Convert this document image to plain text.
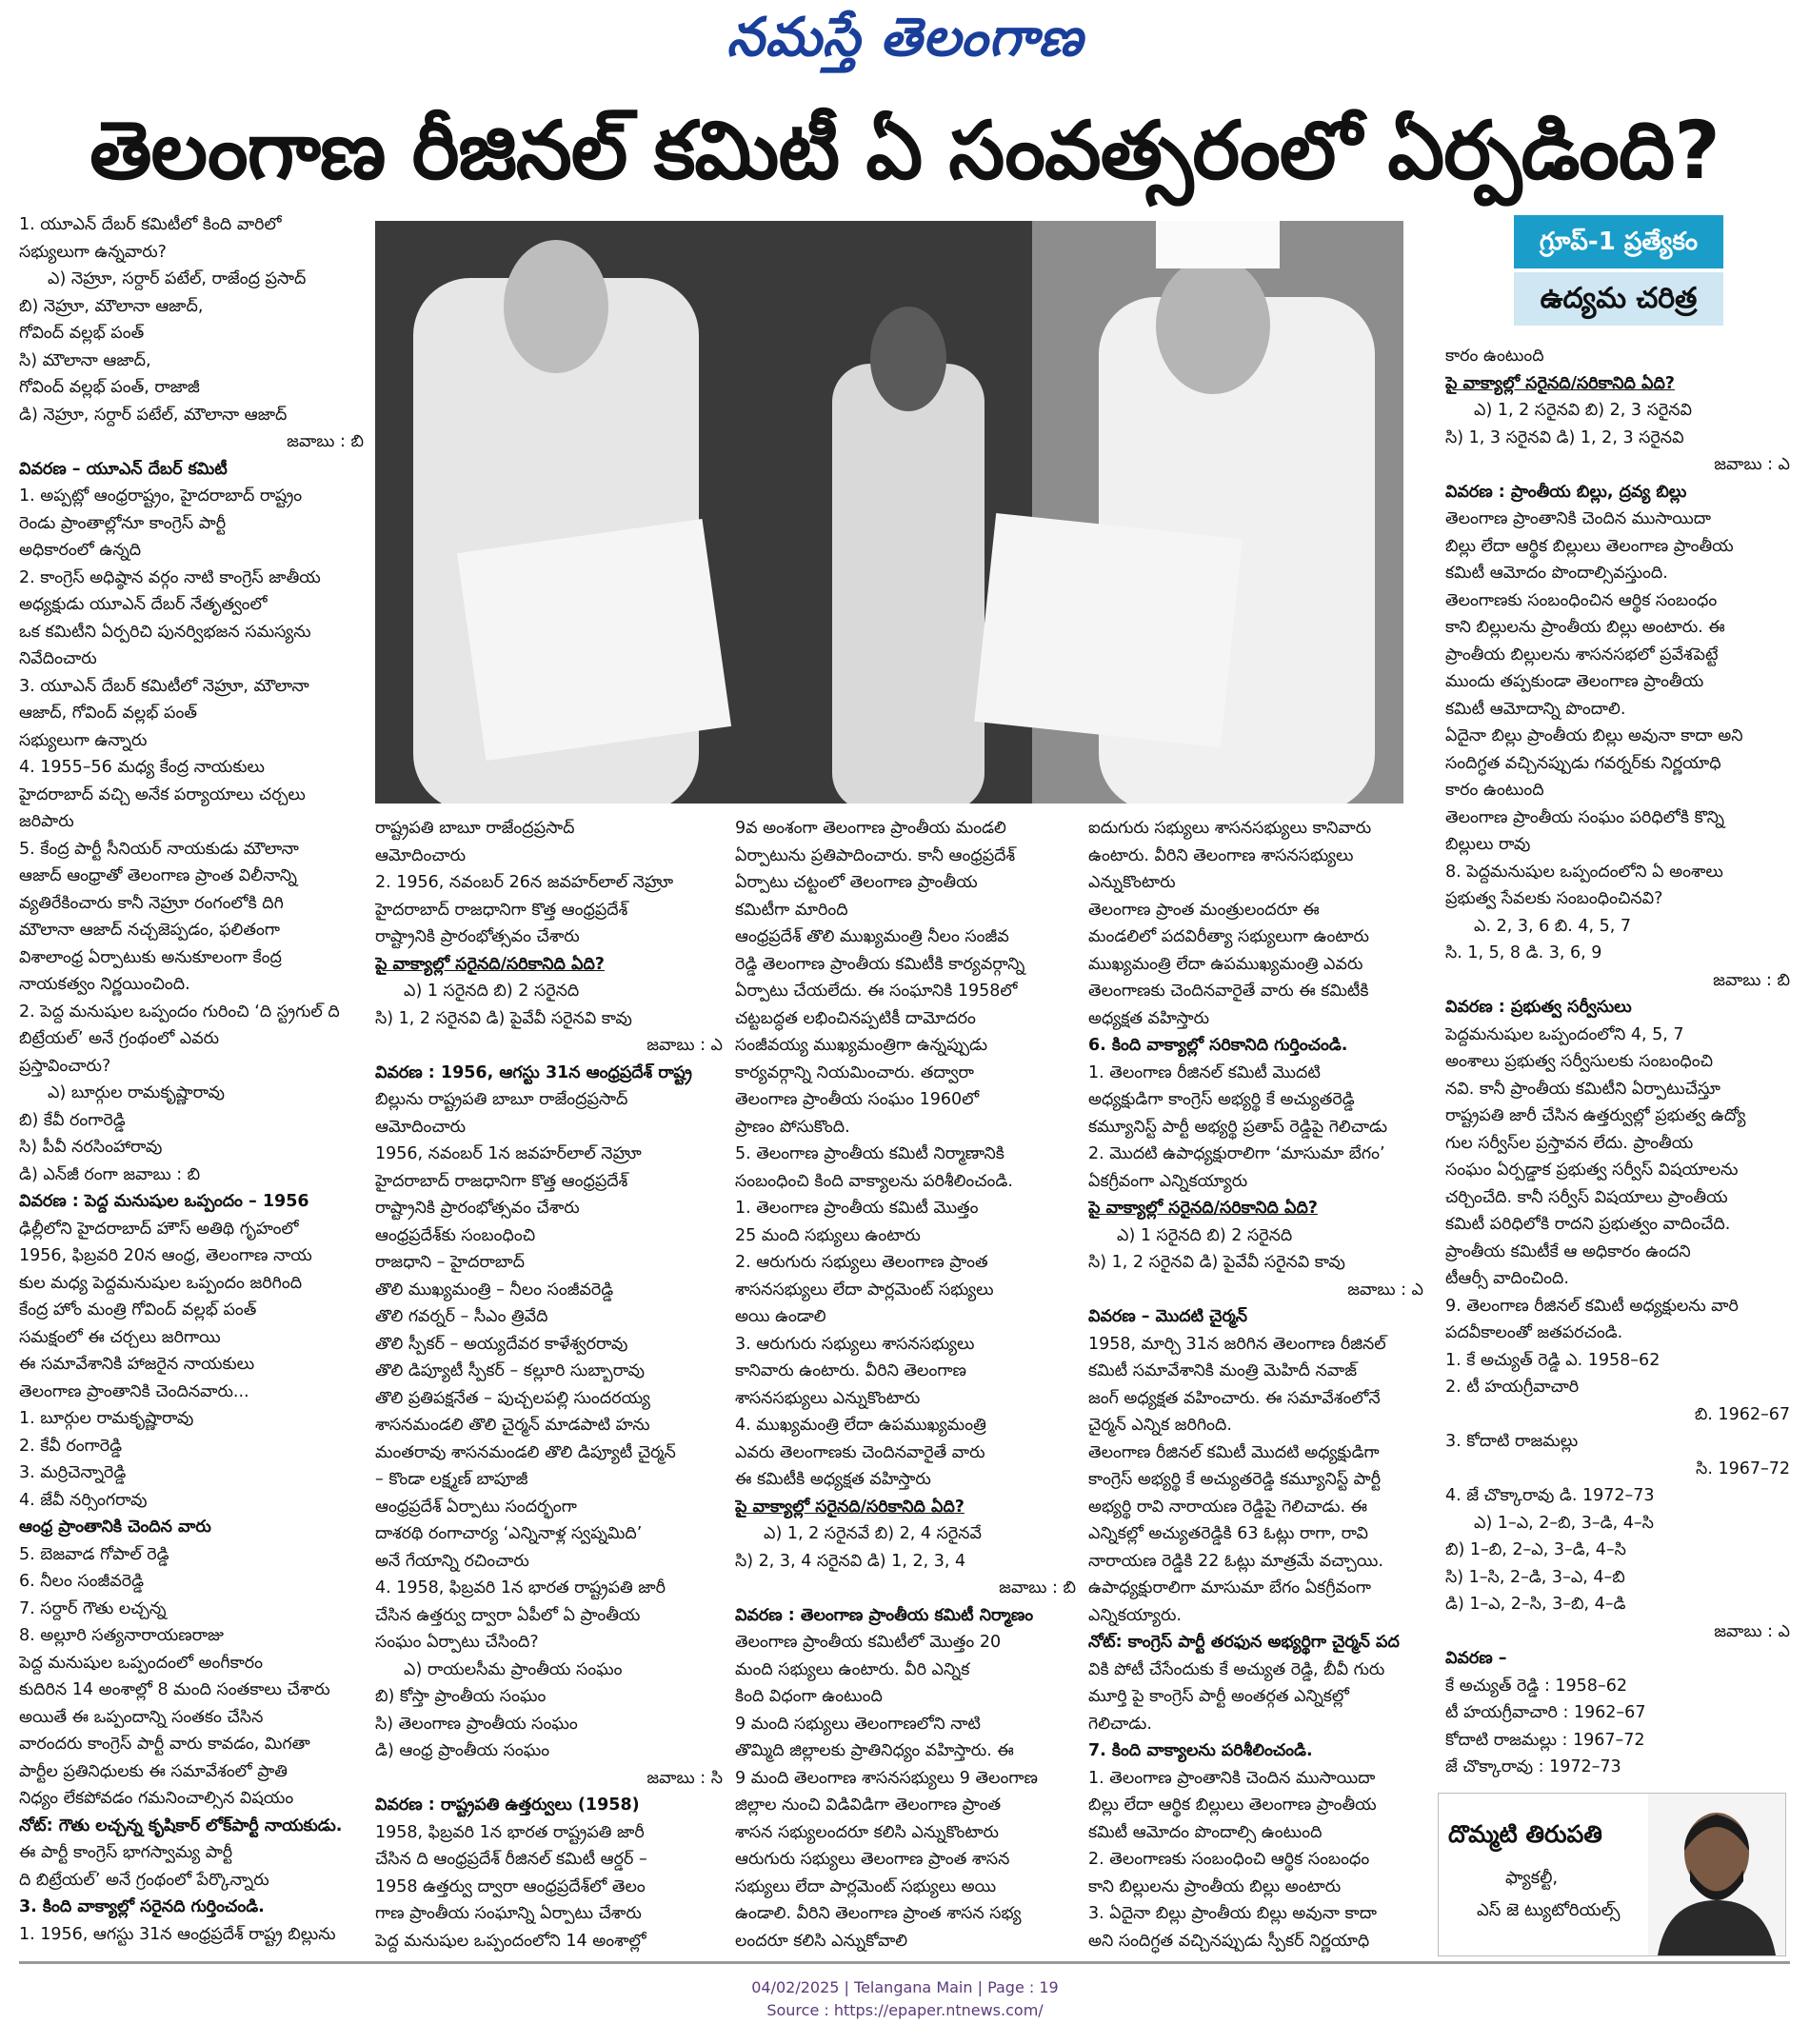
నమస్తే తెలంగాణ
తెలంగాణ రీజినల్ కమిటీ ఏ సంవత్సరంలో ఏర్పడింది?

1. యూఎన్ దేబర్ కమిటీలో కింది వారిలో

సభ్యులుగా ఉన్నవారు?

ఎ) నెహ్రూ, సర్దార్ పటేల్, రాజేంద్ర ప్రసాద్

బి) నెహ్రూ, మౌలానా ఆజాద్,

గోవింద్ వల్లభ్ పంత్

సి) మౌలానా ఆజాద్,

గోవింద్ వల్లభ్ పంత్, రాజాజీ

డి) నెహ్రూ, సర్దార్ పటేల్, మౌలానా ఆజాద్

జవాబు : బి

వివరణ – యూఎన్ దేబర్ కమిటీ

1. అప్పట్లో ఆంధ్రరాష్ట్రం, హైదరాబాద్ రాష్ట్రం

రెండు ప్రాంతాల్లోనూ కాంగ్రెస్ పార్టీ

అధికారంలో ఉన్నది

2. కాంగ్రెస్ అధిష్ఠాన వర్గం నాటి కాంగ్రెస్ జాతీయ

అధ్యక్షుడు యూఎన్ దేబర్ నేతృత్వంలో

ఒక కమిటీని ఏర్పరిచి పునర్విభజన సమస్యను

నివేదించారు

3. యూఎన్ దేబర్ కమిటీలో నెహ్రూ, మౌలానా

ఆజాద్, గోవింద్ వల్లభ్ పంత్

సభ్యులుగా ఉన్నారు

4. 1955–56 మధ్య కేంద్ర నాయకులు

హైదరాబాద్ వచ్చి అనేక పర్యాయాలు చర్చలు

జరిపారు

5. కేంద్ర పార్టీ సీనియర్ నాయకుడు మౌలానా

ఆజాద్ ఆంధ్రాతో తెలంగాణ ప్రాంత విలీనాన్ని

వ్యతిరేకించారు కానీ నెహ్రూ రంగంలోకి దిగి

మౌలానా ఆజాద్ నచ్చజెప్పడం, ఫలితంగా

విశాలాంధ్ర ఏర్పాటుకు అనుకూలంగా కేంద్ర

నాయకత్వం నిర్ణయించింది.

2. పెద్ద మనుషుల ఒప్పందం గురించి ‘ది స్ట్రగుల్ ది

బిట్రేయల్’ అనే గ్రంథంలో ఎవరు

ప్రస్తావించారు?

ఎ) బూర్గుల రామకృష్ణారావు

బి) కేవీ రంగారెడ్డి

సి) పీవీ నరసింహారావు

డి) ఎన్‌జీ రంగా జవాబు : బి

వివరణ : పెద్ద మనుషుల ఒప్పందం – 1956

ఢిల్లీలోని హైదరాబాద్ హౌస్ అతిథి గృహంలో

1956, ఫిబ్రవరి 20న ఆంధ్ర, తెలంగాణ నాయ

కుల మధ్య పెద్దమనుషుల ఒప్పందం జరిగింది

కేంద్ర హోం మంత్రి గోవింద్ వల్లభ్ పంత్

సమక్షంలో ఈ చర్చలు జరిగాయి

ఈ సమావేశానికి హాజరైన నాయకులు

తెలంగాణ ప్రాంతానికి చెందినవారు...

1. బూర్గుల రామకృష్ణారావు

2. కేవీ రంగారెడ్డి

3. మర్రిచెన్నారెడ్డి

4. జేవీ నర్సింగరావు

ఆంధ్ర ప్రాంతానికి చెందిన వారు

5. బెజవాడ గోపాల్ రెడ్డి

6. నీలం సంజీవరెడ్డి

7. సర్దార్ గౌతు లచ్చన్న

8. అల్లూరి సత్యనారాయణరాజు

పెద్ద మనుషుల ఒప్పందంలో అంగీకారం

కుదిరిన 14 అంశాల్లో 8 మంది సంతకాలు చేశారు

అయితే ఈ ఒప్పందాన్ని సంతకం చేసిన

వారందరు కాంగ్రెస్ పార్టీ వారు కావడం, మిగతా

పార్టీల ప్రతినిధులకు ఈ సమావేశంలో ప్రాతి

నిధ్యం లేకపోవడం గమనించాల్సిన విషయం

నోట్: గౌతు లచ్చన్న కృషికార్ లోక్‌పార్టీ నాయకుడు.

ఈ పార్టీ కాంగ్రెస్ భాగస్వామ్య పార్టీ

ది బిట్రేయల్’ అనే గ్రంథంలో పేర్కొన్నారు

3. కింది వాక్యాల్లో సరైనది గుర్తించండి.

1. 1956, ఆగస్టు 31న ఆంధ్రప్రదేశ్ రాష్ట్ర బిల్లును

గ్రూప్-1 ప్రత్యేకం
ఉద్యమ చరిత్ర

రాష్ట్రపతి బాబూ రాజేంద్రప్రసాద్

ఆమోదించారు

2. 1956, నవంబర్ 26న జవహర్‌లాల్ నెహ్రూ

హైదరాబాద్ రాజధానిగా కొత్త ఆంధ్రప్రదేశ్

రాష్ట్రానికి ప్రారంభోత్సవం చేశారు

పై వాక్యాల్లో సరైనది/సరికానిది ఏది?

ఎ) 1 సరైనది బి) 2 సరైనది

సి) 1, 2 సరైనవి డి) పైవేవీ సరైనవి కావు

జవాబు : ఎ

వివరణ : 1956, ఆగస్టు 31న ఆంధ్రప్రదేశ్ రాష్ట్ర

బిల్లును రాష్ట్రపతి బాబూ రాజేంద్రప్రసాద్

ఆమోదించారు

1956, నవంబర్ 1న జవహర్‌లాల్ నెహ్రూ

హైదరాబాద్ రాజధానిగా కొత్త ఆంధ్రప్రదేశ్

రాష్ట్రానికి ప్రారంభోత్సవం చేశారు

ఆంధ్రప్రదేశ్‌కు సంబంధించి

రాజధాని – హైదరాబాద్

తొలి ముఖ్యమంత్రి – నీలం సంజీవరెడ్డి

తొలి గవర్నర్ – సీఎం త్రివేది

తొలి స్పీకర్ – అయ్యదేవర కాళేశ్వరరావు

తొలి డిప్యూటీ స్పీకర్ – కల్లూరి సుబ్బారావు

తొలి ప్రతిపక్షనేత – పుచ్చలపల్లి సుందరయ్య

శాసనమండలి తొలి చైర్మన్ మాడపాటి హను

మంతరావు శాసనమండలి తొలి డిప్యూటీ చైర్మన్

– కొండా లక్ష్మణ్ బాపూజీ

ఆంధ్రప్రదేశ్ ఏర్పాటు సందర్భంగా

దాశరథి రంగాచార్య ‘ఎన్నినాళ్ల స్వప్నమిది’

అనే గేయాన్ని రచించారు

4. 1958, ఫిబ్రవరి 1న భారత రాష్ట్రపతి జారీ

చేసిన ఉత్తర్వు ద్వారా ఏపీలో ఏ ప్రాంతీయ

సంఘం ఏర్పాటు చేసింది?

ఎ) రాయలసీమ ప్రాంతీయ సంఘం

బి) కోస్తా ప్రాంతీయ సంఘం

సి) తెలంగాణ ప్రాంతీయ సంఘం

డి) ఆంధ్ర ప్రాంతీయ సంఘం

జవాబు : సి

వివరణ : రాష్ట్రపతి ఉత్తర్వులు (1958)

1958, ఫిబ్రవరి 1న భారత రాష్ట్రపతి జారీ

చేసిన ది ఆంధ్రప్రదేశ్ రీజినల్ కమిటీ ఆర్డర్ –

1958 ఉత్తర్వు ద్వారా ఆంధ్రప్రదేశ్‌లో తెలం

గాణ ప్రాంతీయ సంఘాన్ని ఏర్పాటు చేశారు

పెద్ద మనుషుల ఒప్పందంలోని 14 అంశాల్లో

9వ అంశంగా తెలంగాణ ప్రాంతీయ మండలి

ఏర్పాటును ప్రతిపాదించారు. కానీ ఆంధ్రప్రదేశ్

ఏర్పాటు చట్టంలో తెలంగాణ ప్రాంతీయ

కమిటీగా మారింది

ఆంధ్రప్రదేశ్ తొలి ముఖ్యమంత్రి నీలం సంజీవ

రెడ్డి తెలంగాణ ప్రాంతీయ కమిటీకి కార్యవర్గాన్ని

ఏర్పాటు చేయలేదు. ఈ సంఘానికి 1958లో

చట్టబద్ధత లభించినప్పటికీ దామోదరం

సంజీవయ్య ముఖ్యమంత్రిగా ఉన్నప్పుడు

కార్యవర్గాన్ని నియమించారు. తద్వారా

తెలంగాణ ప్రాంతీయ సంఘం 1960లో

ప్రాణం పోసుకొంది.

5. తెలంగాణ ప్రాంతీయ కమిటీ నిర్మాణానికి

సంబంధించి కింది వాక్యాలను పరిశీలించండి.

1. తెలంగాణ ప్రాంతీయ కమిటీ మొత్తం

25 మంది సభ్యులు ఉంటారు

2. ఆరుగురు సభ్యులు తెలంగాణ ప్రాంత

శాసనసభ్యులు లేదా పార్లమెంట్ సభ్యులు

అయి ఉండాలి

3. ఆరుగురు సభ్యులు శాసనసభ్యులు

కానివారు ఉంటారు. వీరిని తెలంగాణ

శాసనసభ్యులు ఎన్నుకొంటారు

4. ముఖ్యమంత్రి లేదా ఉపముఖ్యమంత్రి

ఎవరు తెలంగాణకు చెందినవారైతే వారు

ఈ కమిటీకి అధ్యక్షత వహిస్తారు

పై వాక్యాల్లో సరైనది/సరికానిది ఏది?

ఎ) 1, 2 సరైనవే బి) 2, 4 సరైనవే

సి) 2, 3, 4 సరైనవి డి) 1, 2, 3, 4

జవాబు : బి

వివరణ : తెలంగాణ ప్రాంతీయ కమిటీ నిర్మాణం

తెలంగాణ ప్రాంతీయ కమిటీలో మొత్తం 20

మంది సభ్యులు ఉంటారు. వీరి ఎన్నిక

కింది విధంగా ఉంటుంది

9 మంది సభ్యులు తెలంగాణలోని నాటి

తొమ్మిది జిల్లాలకు ప్రాతినిధ్యం వహిస్తారు. ఈ

9 మంది తెలంగాణ శాసనసభ్యులు 9 తెలంగాణ

జిల్లాల నుంచి విడివిడిగా తెలంగాణ ప్రాంత

శాసన సభ్యులందరూ కలిసి ఎన్నుకొంటారు

ఆరుగురు సభ్యులు తెలంగాణ ప్రాంత శాసన

సభ్యులు లేదా పార్లమెంట్ సభ్యులు అయి

ఉండాలి. వీరిని తెలంగాణ ప్రాంత శాసన సభ్య

లందరూ కలిసి ఎన్నుకోవాలి

ఐదుగురు సభ్యులు శాసనసభ్యులు కానివారు

ఉంటారు. వీరిని తెలంగాణ శాసనసభ్యులు

ఎన్నుకొంటారు

తెలంగాణ ప్రాంత మంత్రులందరూ ఈ

మండలిలో పదవిరీత్యా సభ్యులుగా ఉంటారు

ముఖ్యమంత్రి లేదా ఉపముఖ్యమంత్రి ఎవరు

తెలంగాణకు చెందినవారైతే వారు ఈ కమిటీకి

అధ్యక్షత వహిస్తారు

6. కింది వాక్యాల్లో సరికానిది గుర్తించండి.

1. తెలంగాణ రీజినల్ కమిటీ మొదటి

అధ్యక్షుడిగా కాంగ్రెస్ అభ్యర్థి కే అచ్యుతరెడ్డి

కమ్యూనిస్ట్ పార్టీ అభ్యర్థి ప్రతాప్ రెడ్డిపై గెలిచాడు

2. మొదటి ఉపాధ్యక్షురాలిగా ‘మాసుమా బేగం’

ఏకగ్రీవంగా ఎన్నికయ్యారు

పై వాక్యాల్లో సరైనది/సరికానిది ఏది?

ఎ) 1 సరైనది బి) 2 సరైనది

సి) 1, 2 సరైనవి డి) పైవేవీ సరైనవి కావు

జవాబు : ఎ

వివరణ – మొదటి చైర్మన్

1958, మార్చి 31న జరిగిన తెలంగాణ రీజినల్

కమిటీ సమావేశానికి మంత్రి మెహిదీ నవాజ్

జంగ్ అధ్యక్షత వహించారు. ఈ సమావేశంలోనే

చైర్మన్ ఎన్నిక జరిగింది.

తెలంగాణ రీజినల్ కమిటీ మొదటి అధ్యక్షుడిగా

కాంగ్రెస్ అభ్యర్థి కే అచ్యుతరెడ్డి కమ్యూనిస్ట్ పార్టీ

అభ్యర్థి రావి నారాయణ రెడ్డిపై గెలిచాడు. ఈ

ఎన్నికల్లో అచ్యుతరెడ్డికి 63 ఓట్లు రాగా, రావి

నారాయణ రెడ్డికి 22 ఓట్లు మాత్రమే వచ్చాయి.

ఉపాధ్యక్షురాలిగా మాసుమా బేగం ఏకగ్రీవంగా

ఎన్నికయ్యారు.

నోట్: కాంగ్రెస్ పార్టీ తరఫున అభ్యర్థిగా చైర్మన్ పద

వికి పోటీ చేసేందుకు కే అచ్యుత రెడ్డి, బీవీ గురు

మూర్తి పై కాంగ్రెస్ పార్టీ అంతర్గత ఎన్నికల్లో

గెలిచాడు.

7. కింది వాక్యాలను పరిశీలించండి.

1. తెలంగాణ ప్రాంతానికి చెందిన ముసాయిదా

బిల్లు లేదా ఆర్థిక బిల్లులు తెలంగాణ ప్రాంతీయ

కమిటీ ఆమోదం పొందాల్సి ఉంటుంది

2. తెలంగాణకు సంబంధించి ఆర్థిక సంబంధం

కాని బిల్లులను ప్రాంతీయ బిల్లు అంటారు

3. ఏదైనా బిల్లు ప్రాంతీయ బిల్లు అవునా కాదా

అని సందిగ్ధత వచ్చినప్పుడు స్పీకర్ నిర్ణయాధి

కారం ఉంటుంది

పై వాక్యాల్లో సరైనది/సరికానిది ఏది?

ఎ) 1, 2 సరైనవి బి) 2, 3 సరైనవి

సి) 1, 3 సరైనవి డి) 1, 2, 3 సరైనవి

జవాబు : ఎ

వివరణ : ప్రాంతీయ బిల్లు, ద్రవ్య బిల్లు

తెలంగాణ ప్రాంతానికి చెందిన ముసాయిదా

బిల్లు లేదా ఆర్థిక బిల్లులు తెలంగాణ ప్రాంతీయ

కమిటీ ఆమోదం పొందాల్సివస్తుంది.

తెలంగాణకు సంబంధించిన ఆర్థిక సంబంధం

కాని బిల్లులను ప్రాంతీయ బిల్లు అంటారు. ఈ

ప్రాంతీయ బిల్లులను శాసనసభలో ప్రవేశపెట్టే

ముందు తప్పకుండా తెలంగాణ ప్రాంతీయ

కమిటీ ఆమోదాన్ని పొందాలి.

ఏదైనా బిల్లు ప్రాంతీయ బిల్లు అవునా కాదా అని

సందిగ్ధత వచ్చినప్పుడు గవర్నర్‌కు నిర్ణయాధి

కారం ఉంటుంది

తెలంగాణ ప్రాంతీయ సంఘం పరిధిలోకి కొన్ని

బిల్లులు రావు

8. పెద్దమనుషుల ఒప్పందంలోని ఏ అంశాలు

ప్రభుత్వ సేవలకు సంబంధించినవి?

ఎ. 2, 3, 6 బి. 4, 5, 7

సి. 1, 5, 8 డి. 3, 6, 9

జవాబు : బి

వివరణ : ప్రభుత్వ సర్వీసులు

పెద్దమనుషుల ఒప్పందంలోని 4, 5, 7

అంశాలు ప్రభుత్వ సర్వీసులకు సంబంధించి

నవి. కానీ ప్రాంతీయ కమిటీని ఏర్పాటుచేస్తూ

రాష్ట్రపతి జారీ చేసిన ఉత్తర్వుల్లో ప్రభుత్వ ఉద్యో

గుల సర్వీస్‌ల ప్రస్తావన లేదు. ప్రాంతీయ

సంఘం ఏర్పడ్డాక ప్రభుత్వ సర్వీస్ విషయాలను

చర్చించేది. కానీ సర్వీస్ విషయాలు ప్రాంతీయ

కమిటీ పరిధిలోకి రాదని ప్రభుత్వం వాదించేది.

ప్రాంతీయ కమిటీకే ఆ అధికారం ఉందని

టీఆర్సీ వాదించింది.

9. తెలంగాణ రీజినల్ కమిటీ అధ్యక్షులను వారి

పదవీకాలంతో జతపరచండి.

1. కే అచ్యుత్ రెడ్డి ఎ. 1958–62

2. టీ హయగ్రీవాచారి

బి. 1962–67

3. కోదాటి రాజమల్లు

సి. 1967–72

4. జే చొక్కారావు డి. 1972–73

ఎ) 1–ఎ, 2–బి, 3–డి, 4–సి

బి) 1–బి, 2–ఎ, 3–డి, 4–సి

సి) 1–సి, 2–డి, 3–ఎ, 4–బి

డి) 1–ఎ, 2–సి, 3–బి, 4–డి

జవాబు : ఎ

వివరణ –

కే అచ్యుత్ రెడ్డి : 1958–62

టీ హయగ్రీవాచారి : 1962–67

కోదాటి రాజమల్లు : 1967–72

జే చొక్కారావు : 1972–73

దొమ్మటి తిరుపతి
ఫ్యాకల్టీ,
ఎస్ జె ట్యుటోరియల్స్
04/02/2025 | Telangana Main | Page : 19
Source : https://epaper.ntnews.com/
